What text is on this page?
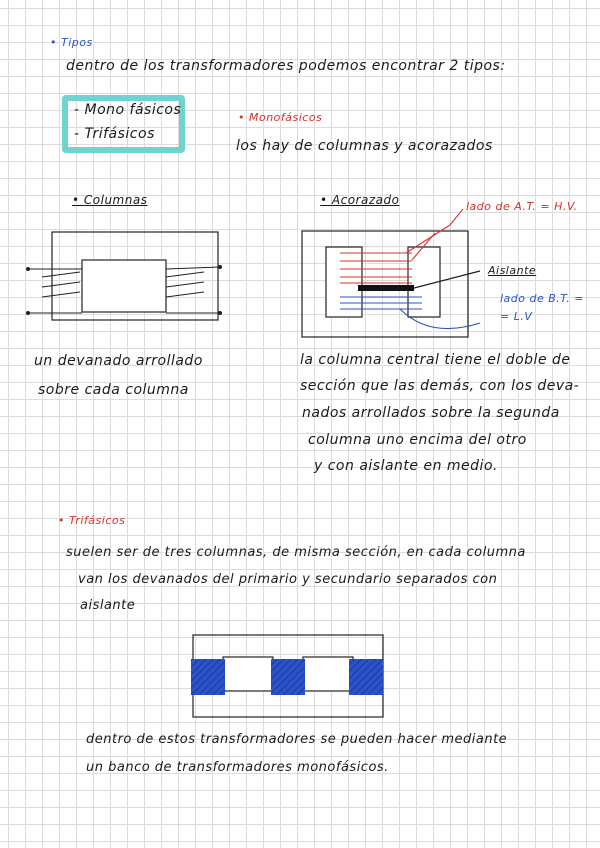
• Tipos
dentro de los transformadores podemos encontrar 2 tipos:
- Mono fásicos
- Trifásicos
• Monofásicos
los hay de columnas y acorazados
• Columnas
un devanado arrollado
sobre cada columna
• Acorazado	lado de A.T. = H.V.
Aislante
lado de B.T. =
= L.V
la columna central tiene el doble de
sección que las demás, con los deva-
nados arrollados sobre la segunda
columna uno encima del otro
y con aislante en medio.
• Trifásicos
suelen ser de tres columnas, de misma sección, en cada columna
van los devanados del primario y secundario separados con
aislante
dentro de estos transformadores se pueden hacer mediante
un banco de transformadores monofásicos.
